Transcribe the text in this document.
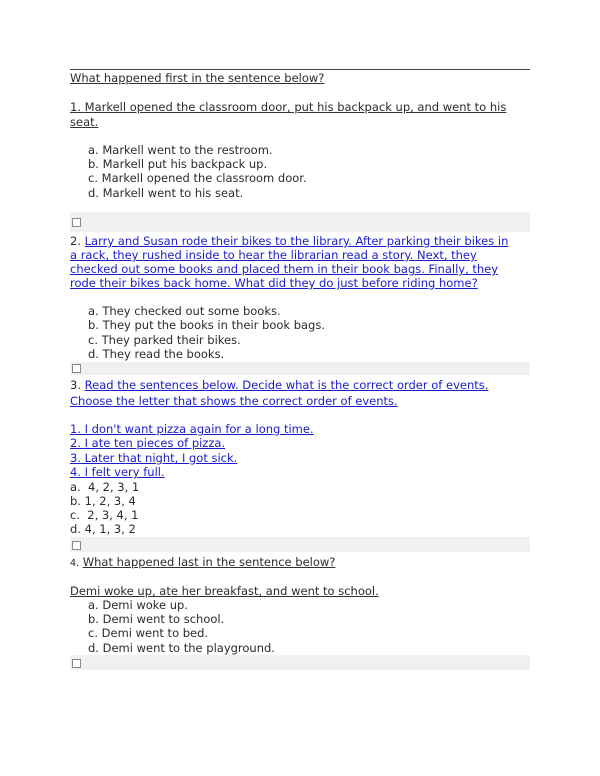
What happened first in the sentence below?
1. Markell opened the classroom door, put his backpack up, and went to his
seat.
a. Markell went to the restroom.
b. Markell put his backpack up.
c. Markell opened the classroom door.
d. Markell went to his seat.
2. Larry and Susan rode their bikes to the library. After parking their bikes in
a rack, they rushed inside to hear the librarian read a story. Next, they
checked out some books and placed them in their book bags. Finally, they
rode their bikes back home. What did they do just before riding home?
a. They checked out some books.
b. They put the books in their book bags.
c. They parked their bikes.
d. They read the books.
3. Read the sentences below. Decide what is the correct order of events.
Choose the letter that shows the correct order of events.
1. I don't want pizza again for a long time.
2. I ate ten pieces of pizza.
3. Later that night, I got sick.
4. I felt very full.
a. 4, 2, 3, 1
b. 1, 2, 3, 4
c. 2, 3, 4, 1
d. 4, 1, 3, 2
4. What happened last in the sentence below?
Demi woke up, ate her breakfast, and went to school.
a. Demi woke up.
b. Demi went to school.
c. Demi went to bed.
d. Demi went to the playground.
